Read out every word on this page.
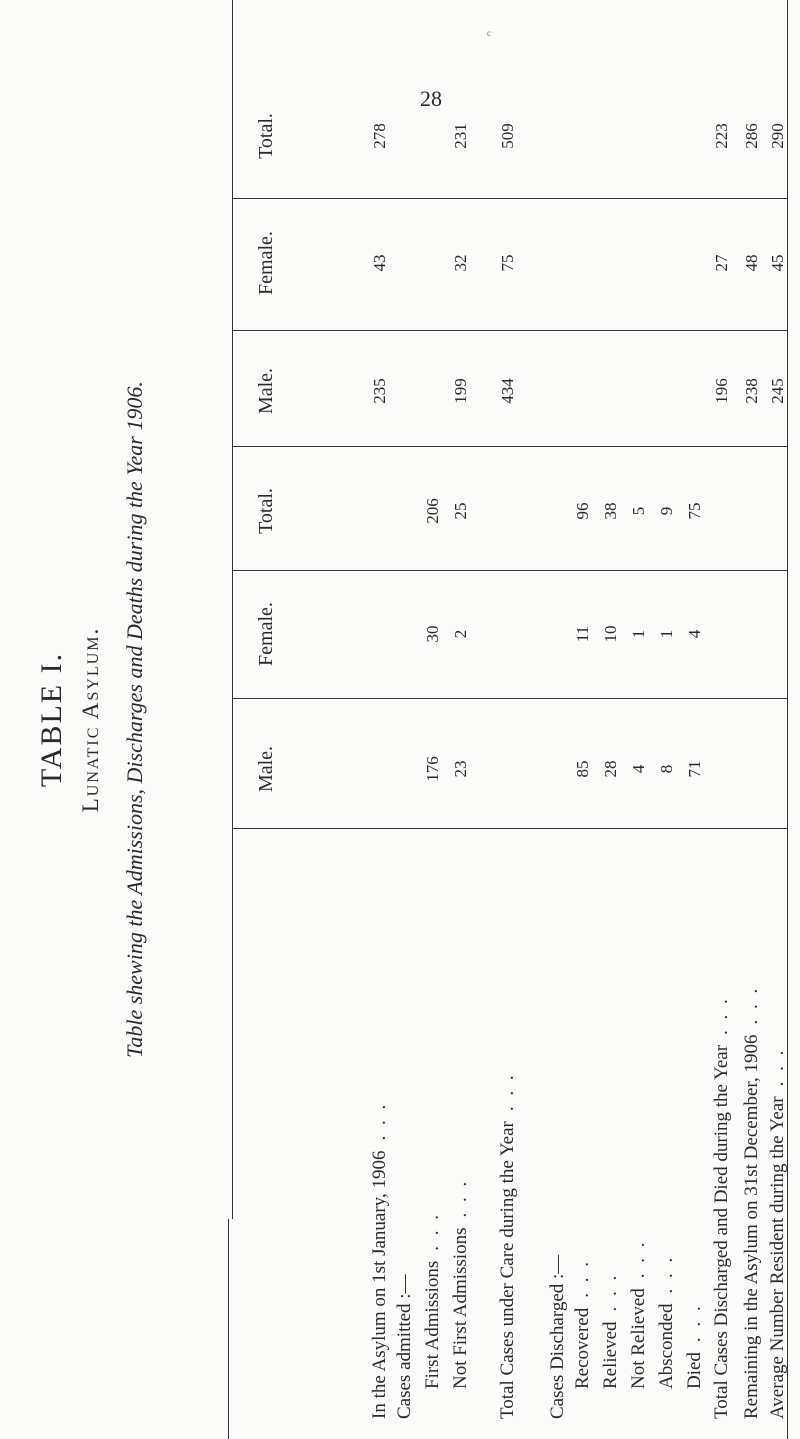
28
c
TABLE I. Lunatic Asylum. Table shewing the Admissions, Discharges and Deaths during the Year 1906.	Male.
Female.
Total.
Male.
Female.
Total.
In the Asylum on 1st January, 1906. . .
235
43
278
Cases admitted :— First Admissions. . .
176
30
206
Not First Admissions. . .
23
2
25
199
32
231
Total Cases under Care during the Year. . .
434
75
509
Cases Discharged :— Recovered. . .
85
11
96
Relieved. . .
28
10
38
Not Relieved. . .
4
1
5
Absconded. . .
8
1
9
Died. . .
71
4
75
Total Cases Discharged and Died during the Year. . .
196
27
223
Remaining in the Asylum on 31st December, 1906. . .
238
48
286
Average Number Resident during the Year. . .
245
45
290
